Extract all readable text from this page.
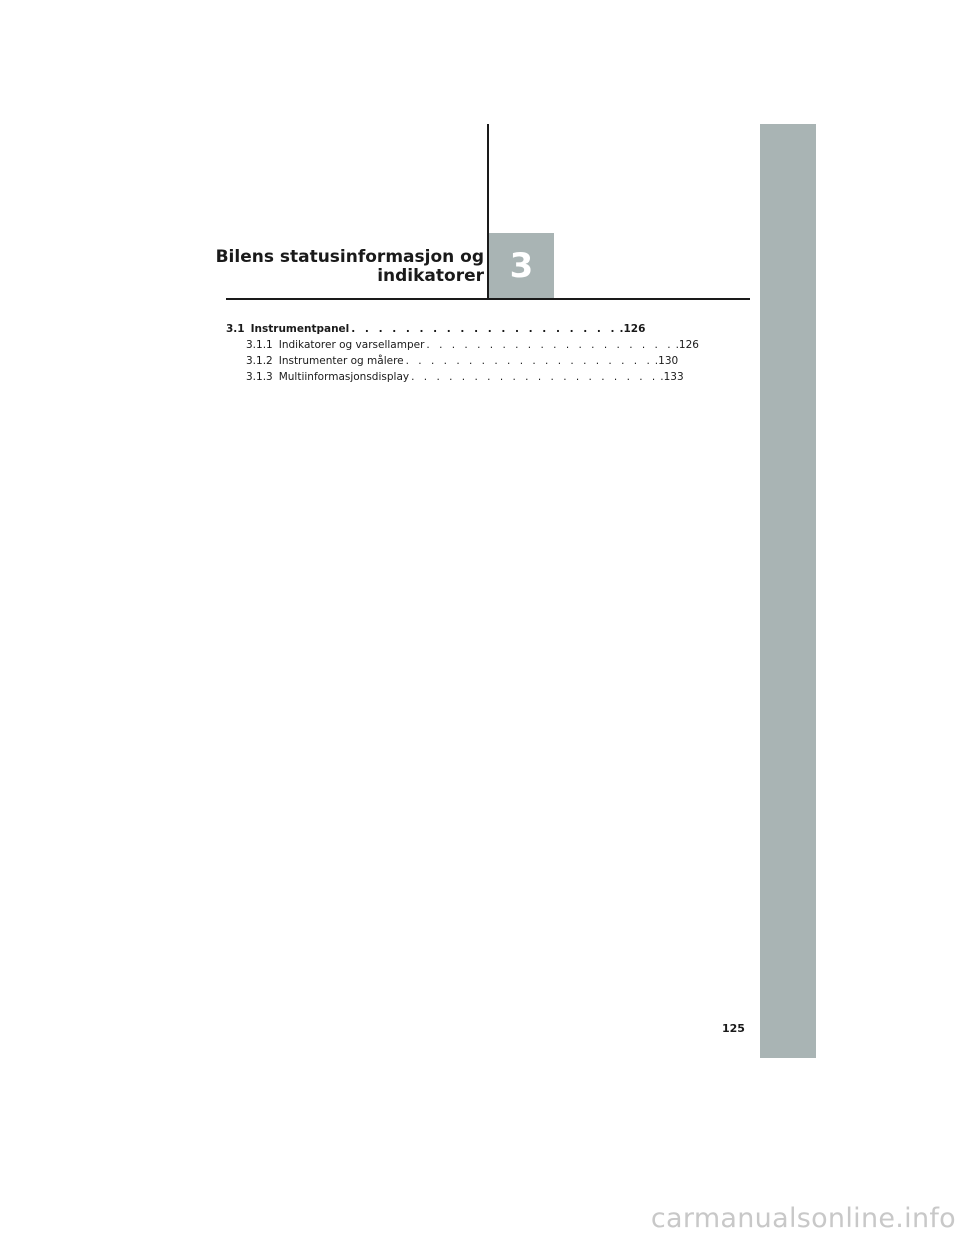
Bilens statusinformasjon og
indikatorer 3
3.1 Instrumentpanel . . . . . . . . . . . . . . . . . . . . .126
3.1.1 Indikatorer og varsellamper . . . . . . . . . . . . . . . . . . . . .126
3.1.2 Instrumenter og målere . . . . . . . . . . . . . . . . . . . . .130
3.1.3 Multiinformasjonsdisplay . . . . . . . . . . . . . . . . . . . . .133
125
carmanualsonline.info
